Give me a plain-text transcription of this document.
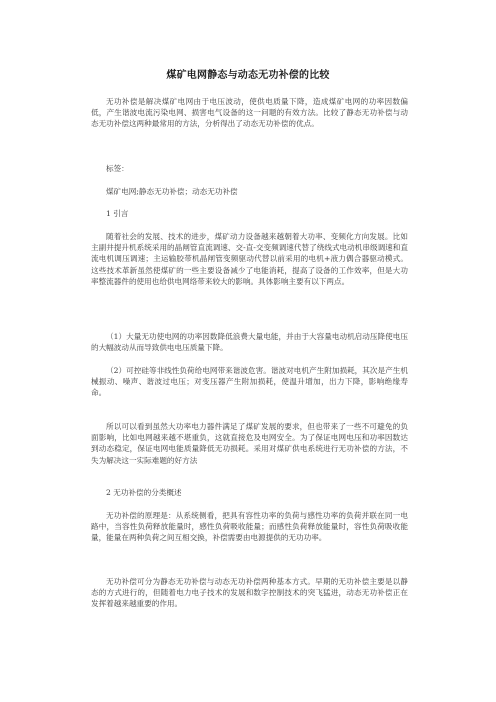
煤矿电网静态与动态无功补偿的比较

无功补偿是解决煤矿电网由于电压波动，使供电质量下降，造成煤矿电网的功率因数偏低，产生谐波电流污染电网、损害电气设备的这一问题的有效方法。比较了静态无功补偿与动态无功补偿这两种最常用的方法，分析得出了动态无功补偿的优点。

标签：

煤矿电网;静态无功补偿；动态无功补偿

1 引言

随着社会的发展、技术的进步，煤矿动力设备越来越朝着大功率、变频化方向发展。比如主副井提升机系统采用的晶闸管直流调速、交-直-交变频调速代替了绕线式电动机串级调速和直流电机调压调速；主运输胶带机晶闸管变频驱动代替以前采用的电机+液力偶合器驱动模式。这些技术革新虽然使煤矿的一些主要设备减少了电能消耗，提高了设备的工作效率，但是大功率整流器件的使用也给供电网络带来较大的影响。具体影响主要有以下两点。

（1）大量无功使电网的功率因数降低浪费大量电能，并由于大容量电动机启动压降使电压的大幅波动从而导致供电电压质量下降。

（2）可控硅等非线性负荷给电网带来谐波危害。谐波对电机产生附加损耗，其次是产生机械振动、噪声、谐波过电压；对变压器产生附加损耗，使温升增加，出力下降，影响绝缘寿命。

所以可以看到虽然大功率电力器件满足了煤矿发展的要求，但也带来了一些不可避免的负面影响，比如电网越来越不堪重负，这就直接危及电网安全。为了保证电网电压和功率因数达到动态稳定，保证电网电能质量降低无功损耗。采用对煤矿供电系统进行无功补偿的方法，不失为解决这一实际难题的好方法

2 无功补偿的分类概述

无功补偿的原理是：从系统侧看，把具有容性功率的负荷与感性功率的负荷并联在同一电路中，当容性负荷释放能量时，感性负荷吸收能量；而感性负荷释放能量时，容性负荷吸收能量，能量在两种负荷之间互相交换，补偿需要由电源提供的无功功率。

无功补偿可分为静态无功补偿与动态无功补偿两种基本方式。早期的无功补偿主要是以静态的方式进行的，但随着电力电子技术的发展和数字控制技术的突飞猛进，动态无功补偿正在发挥着越来越重要的作用。
